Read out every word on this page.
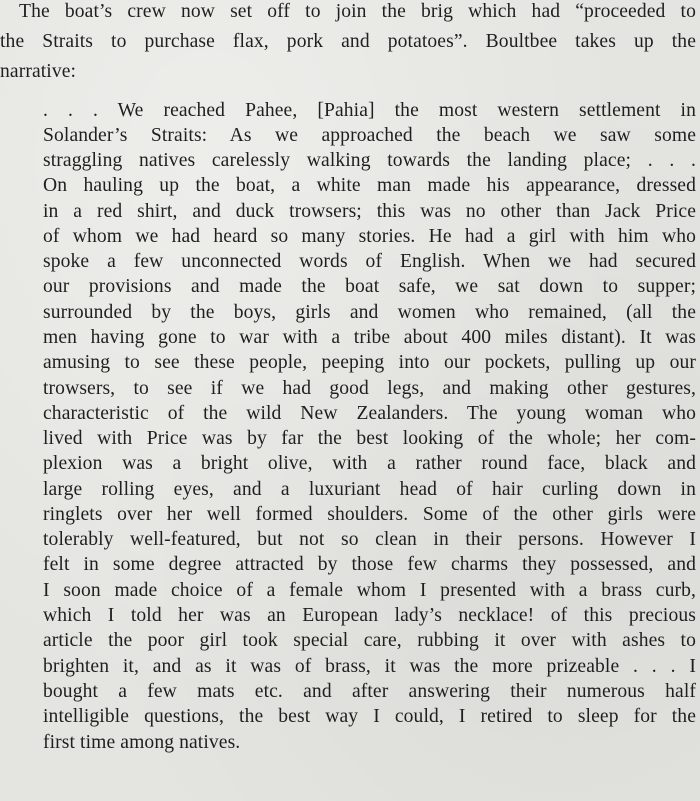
The boat’s crew now set off to join the brig which had “proceeded to

the Straits to purchase flax, pork and potatoes”. Boultbee takes up the

narrative:

. . . We reached Pahee, [Pahia] the most western settlement in

Solander’s Straits: As we approached the beach we saw some

straggling natives carelessly walking towards the landing place; . . .

On hauling up the boat, a white man made his appearance, dressed

in a red shirt, and duck trowsers; this was no other than Jack Price

of whom we had heard so many stories. He had a girl with him who

spoke a few unconnected words of English. When we had secured

our provisions and made the boat safe, we sat down to supper;

surrounded by the boys, girls and women who remained, (all the

men having gone to war with a tribe about 400 miles distant). It was

amusing to see these people, peeping into our pockets, pulling up our

trowsers, to see if we had good legs, and making other gestures,

characteristic of the wild New Zealanders. The young woman who

lived with Price was by far the best looking of the whole; her com-

plexion was a bright olive, with a rather round face, black and

large rolling eyes, and a luxuriant head of hair curling down in

ringlets over her well formed shoulders. Some of the other girls were

tolerably well-featured, but not so clean in their persons. However I

felt in some degree attracted by those few charms they possessed, and

I soon made choice of a female whom I presented with a brass curb,

which I told her was an European lady’s necklace! of this precious

article the poor girl took special care, rubbing it over with ashes to

brighten it, and as it was of brass, it was the more prizeable . . . I

bought a few mats etc. and after answering their numerous half

intelligible questions, the best way I could, I retired to sleep for the

first time among natives.
